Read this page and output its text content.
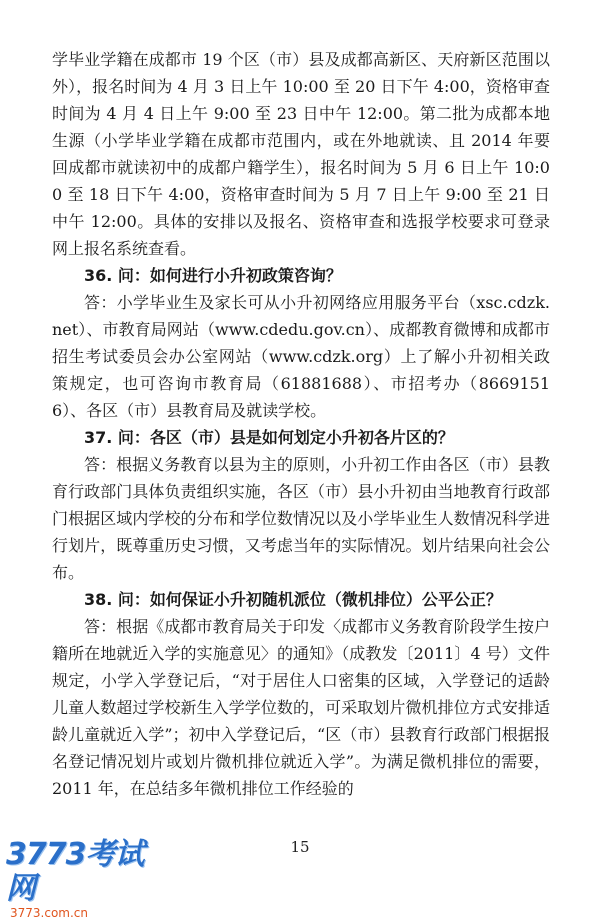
学毕业学籍在成都市 19 个区（市）县及成都高新区、天府新区范围以外），报名时间为 4 月 3 日上午 10:00 至 20 日下午 4:00，资格审查时间为 4 月 4 日上午 9:00 至 23 日中午 12:00。第二批为成都本地生源（小学毕业学籍在成都市范围内，或在外地就读、且 2014 年要回成都市就读初中的成都户籍学生），报名时间为 5 月 6 日上午 10:00 至 18 日下午 4:00，资格审查时间为 5 月 7 日上午 9:00 至 21 日中午 12:00。具体的安排以及报名、资格审查和选报学校要求可登录网上报名系统查看。

36. 问：如何进行小升初政策咨询？

答：小学毕业生及家长可从小升初网络应用服务平台（xsc.cdzk.net）、市教育局网站（www.cdedu.gov.cn）、成都教育微博和成都市招生考试委员会办公室网站（www.cdzk.org）上了解小升初相关政策规定，也可咨询市教育局（61881688）、市招考办（86691516）、各区（市）县教育局及就读学校。

37. 问：各区（市）县是如何划定小升初各片区的？

答：根据义务教育以县为主的原则，小升初工作由各区（市）县教育行政部门具体负责组织实施，各区（市）县小升初由当地教育行政部门根据区域内学校的分布和学位数情况以及小学毕业生人数情况科学进行划片，既尊重历史习惯，又考虑当年的实际情况。划片结果向社会公布。

38. 问：如何保证小升初随机派位（微机排位）公平公正？

答：根据《成都市教育局关于印发〈成都市义务教育阶段学生按户籍所在地就近入学的实施意见〉的通知》（成教发〔2011〕4 号）文件规定，小学入学登记后，“对于居住人口密集的区域，入学登记的适龄儿童人数超过学校新生入学学位数的，可采取划片微机排位方式安排适龄儿童就近入学”；初中入学登记后，“区（市）县教育行政部门根据报名登记情况划片或划片微机排位就近入学”。为满足微机排位的需要，2011 年，在总结多年微机排位工作经验的

15
3773考试网
3773.com.cn
